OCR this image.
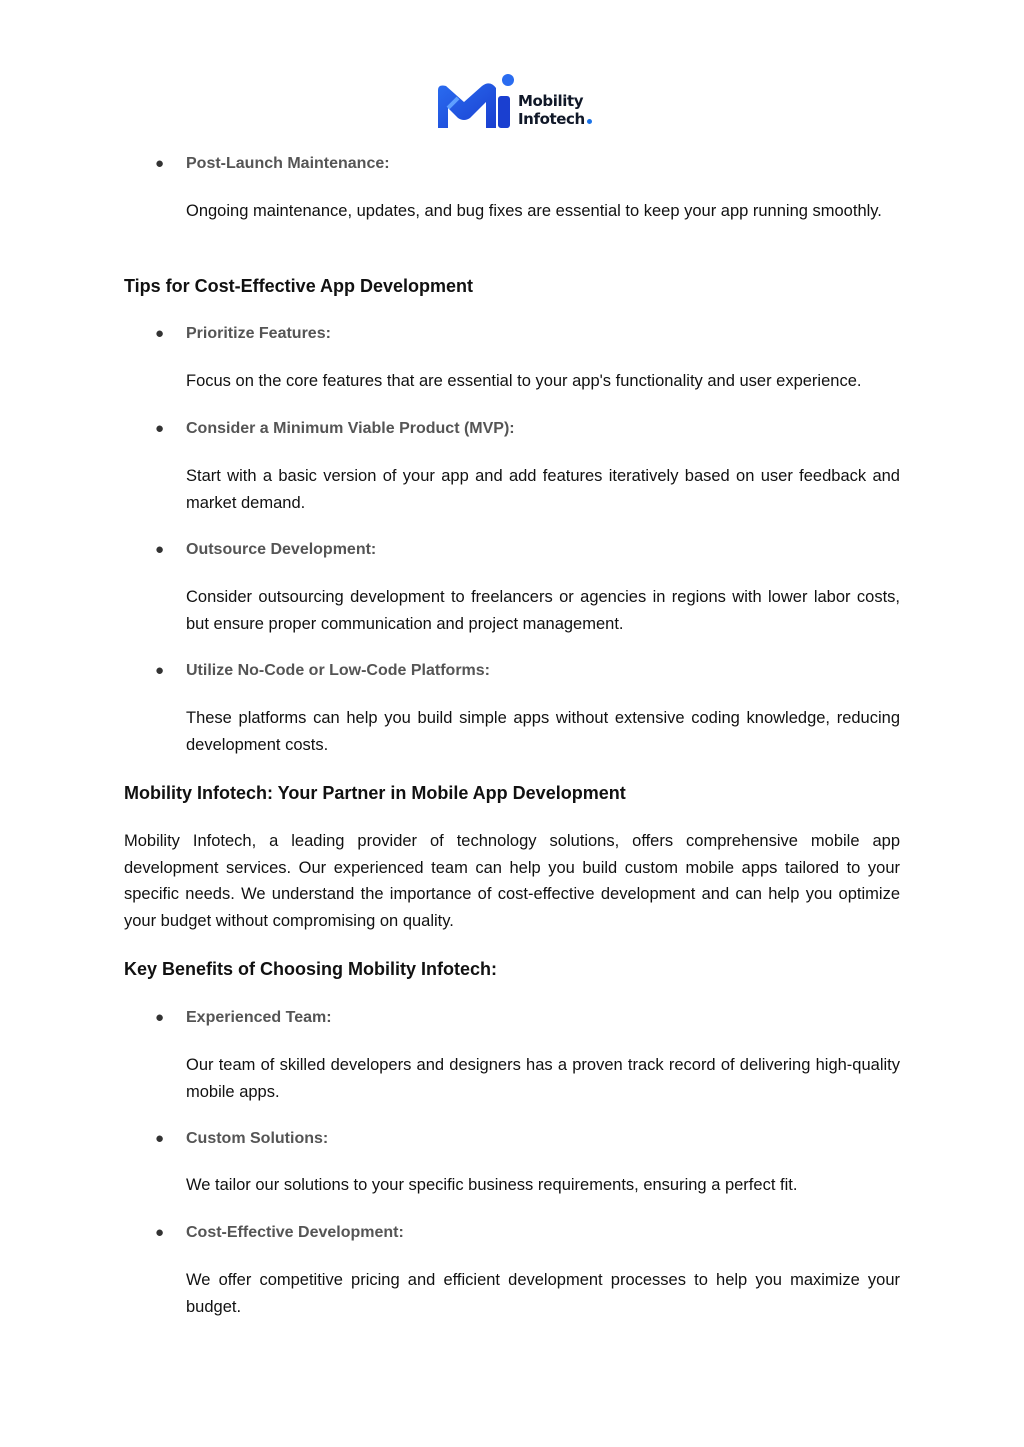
Mobility
Infotech
● Post-Launch Maintenance:
Ongoing maintenance, updates, and bug fixes are essential to keep your app running smoothly.
Tips for Cost-Effective App Development
● Prioritize Features:
Focus on the core features that are essential to your app's functionality and user experience.
● Consider a Minimum Viable Product (MVP):
Start with a basic version of your app and add features iteratively based on user feedback and market demand.
● Outsource Development:
Consider outsourcing development to freelancers or agencies in regions with lower labor costs, but ensure proper communication and project management.
● Utilize No-Code or Low-Code Platforms:
These platforms can help you build simple apps without extensive coding knowledge, reducing development costs.
Mobility Infotech: Your Partner in Mobile App Development
Mobility Infotech, a leading provider of technology solutions, offers comprehensive mobile app development services. Our experienced team can help you build custom mobile apps tailored to your specific needs. We understand the importance of cost-effective development and can help you optimize your budget without compromising on quality.
Key Benefits of Choosing Mobility Infotech:
● Experienced Team:
Our team of skilled developers and designers has a proven track record of delivering high-quality mobile apps.
● Custom Solutions:
We tailor our solutions to your specific business requirements, ensuring a perfect fit.
● Cost-Effective Development:
We offer competitive pricing and efficient development processes to help you maximize your budget.
